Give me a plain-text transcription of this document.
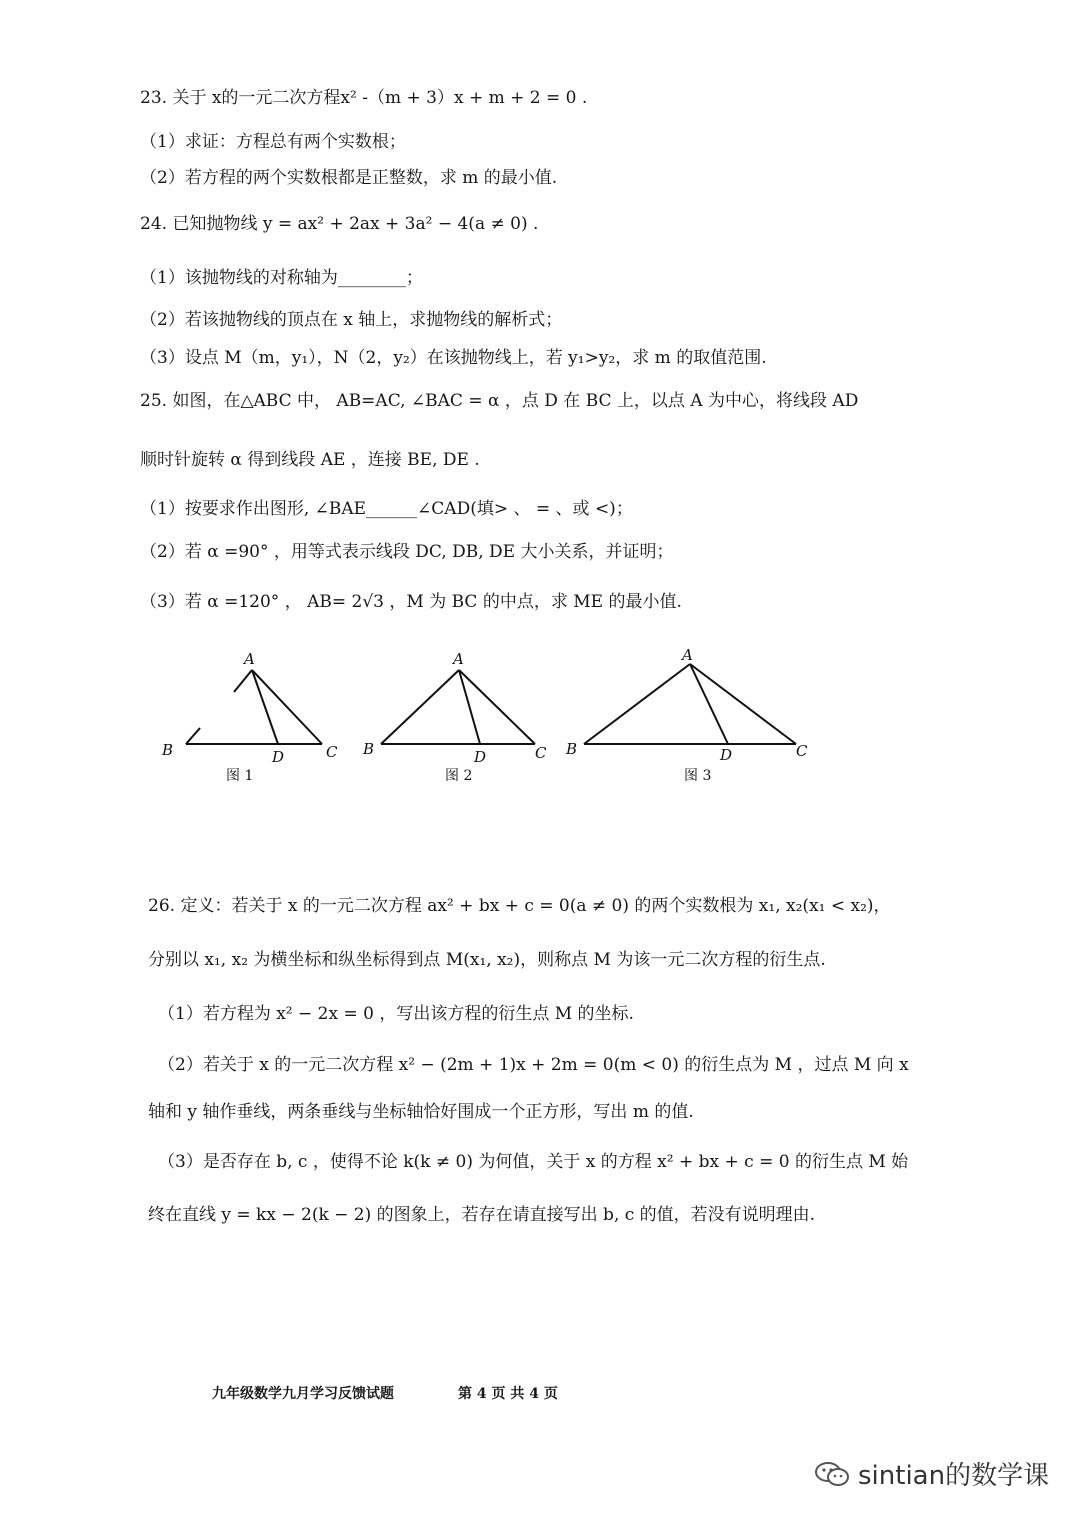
23. 关于 x的一元二次方程x² -（m + 3）x + m + 2 = 0 .
（1）求证：方程总有两个实数根；
（2）若方程的两个实数根都是正整数，求 m 的最小值.
24. 已知抛物线 y = ax² + 2ax + 3a² − 4(a ≠ 0) .
（1）该抛物线的对称轴为________；
（2）若该抛物线的顶点在 x 轴上，求抛物线的解析式；
（3）设点 M（m，y₁），N（2，y₂）在该抛物线上，若 y₁>y₂，求 m 的取值范围.
25. 如图，在△ABC 中， AB=AC, ∠BAC = α ，点 D 在 BC 上，以点 A 为中心，将线段 AD
顺时针旋转 α 得到线段 AE ，连接 BE, DE .
（1）按要求作出图形, ∠BAE______∠CAD(填> 、 = 、或 <)；
（2）若 α =90° ，用等式表示线段 DC, DB, DE 大小关系，并证明；
（3）若 α =120° ， AB= 2√3 ，M 为 BC 的中点，求 ME 的最小值.
A
B	C
D
图 1
A
B	C
D
图 2
A
B	C
D
图 3
26. 定义：若关于 x 的一元二次方程 ax² + bx + c = 0(a ≠ 0) 的两个实数根为 x₁, x₂(x₁ < x₂)，
分别以 x₁, x₂ 为横坐标和纵坐标得到点 M(x₁, x₂)，则称点 M 为该一元二次方程的衍生点.
（1）若方程为 x² − 2x = 0 ，写出该方程的衍生点 M 的坐标.
（2）若关于 x 的一元二次方程 x² − (2m + 1)x + 2m = 0(m < 0) 的衍生点为 M ，过点 M 向 x
轴和 y 轴作垂线，两条垂线与坐标轴恰好围成一个正方形，写出 m 的值.
（3）是否存在 b, c ，使得不论 k(k ≠ 0) 为何值，关于 x 的方程 x² + bx + c = 0 的衍生点 M 始
终在直线 y = kx − 2(k − 2) 的图象上，若存在请直接写出 b, c 的值，若没有说明理由.
九年级数学九月学习反馈试题	第 4 页 共 4 页
sintian的数学课
